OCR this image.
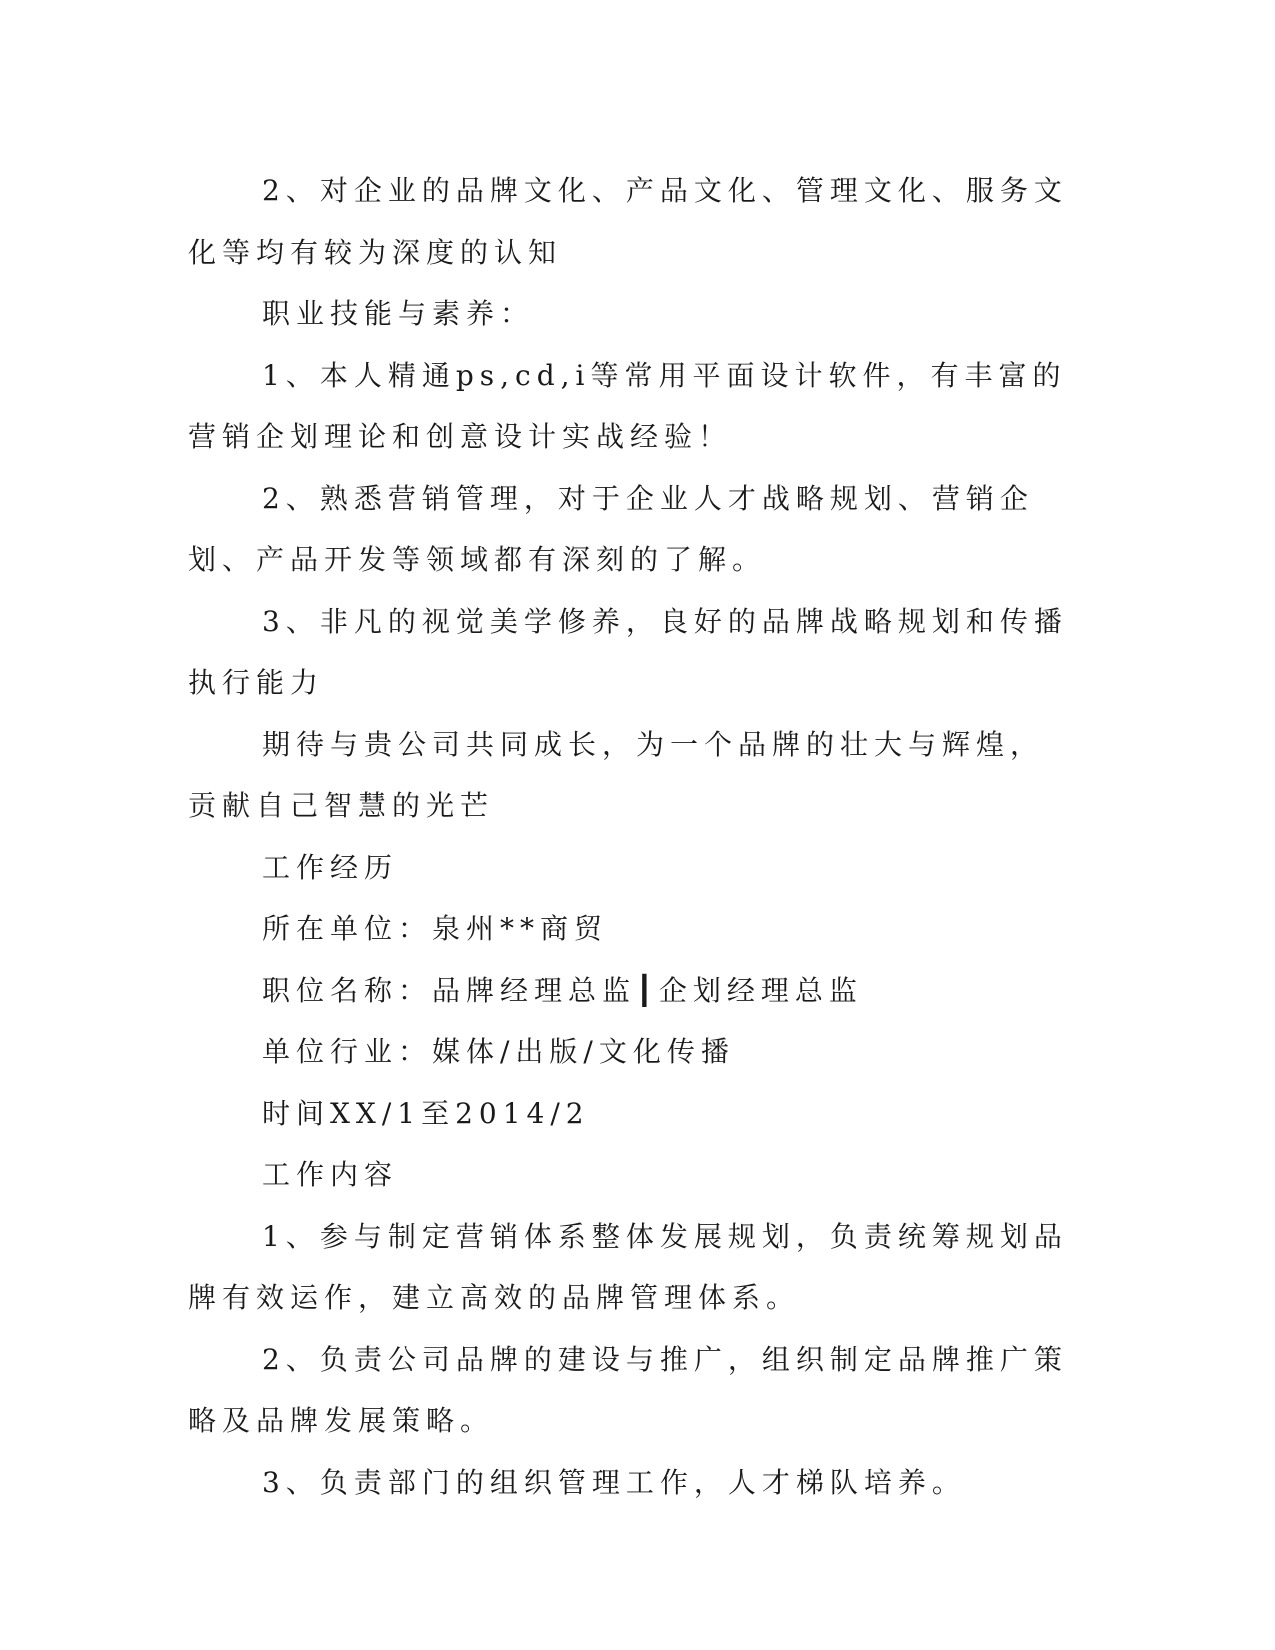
2、对企业的品牌文化、产品文化、管理文化、服务文化等均有较为深度的认知

职业技能与素养：

1、本人精通ps,cd,i等常用平面设计软件，有丰富的营销企划理论和创意设计实战经验！

2、熟悉营销管理，对于企业人才战略规划、营销企划、产品开发等领域都有深刻的了解。

3、非凡的视觉美学修养，良好的品牌战略规划和传播执行能力

期待与贵公司共同成长，为一个品牌的壮大与辉煌，贡献自己智慧的光芒

工作经历

所在单位：泉州**商贸

职位名称：品牌经理总监┃企划经理总监

单位行业：媒体/出版/文化传播

时间XX/1至2014/2

工作内容

1、参与制定营销体系整体发展规划，负责统筹规划品牌有效运作，建立高效的品牌管理体系。

2、负责公司品牌的建设与推广，组织制定品牌推广策略及品牌发展策略。

3、负责部门的组织管理工作，人才梯队培养。
